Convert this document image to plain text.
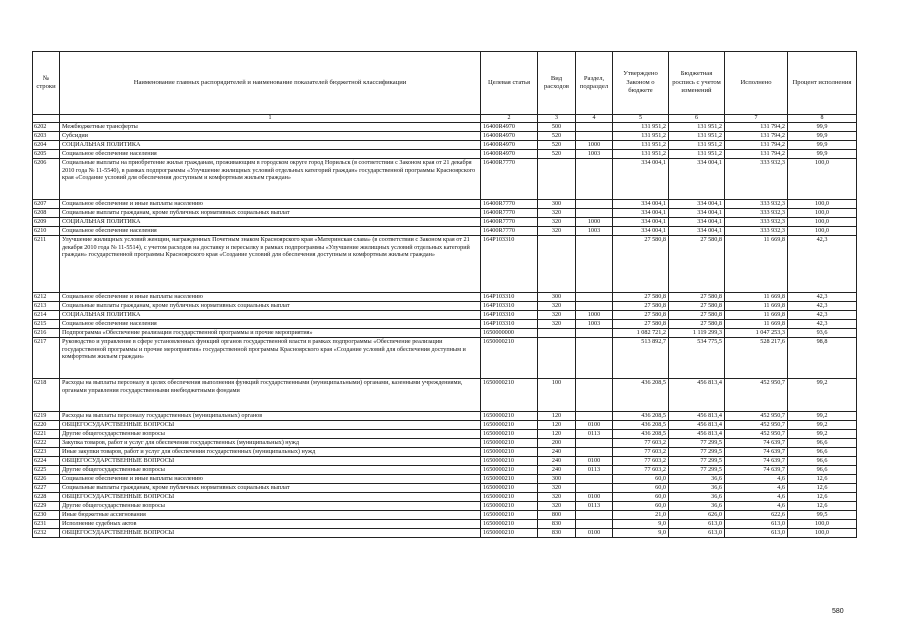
№ строки	Наименование главных распорядителей и наименование показателей бюджетной классификации	Целевая статья	Вид расходов	Раздел, подраздел	Утверждено Законом о бюджете	Бюджетная роспись с учетом изменений	Исполнено	Процент исполнения
	1	2	3	4	5	6	7	8
6202	Межбюджетные трансферты	16400R4970	500		131 951,2	131 951,2	131 794,2	99,9
6203	Субсидии	16400R4970	520		131 951,2	131 951,2	131 794,2	99,9
6204	СОЦИАЛЬНАЯ ПОЛИТИКА	16400R4970	520	1000	131 951,2	131 951,2	131 794,2	99,9
6205	Социальное обеспечение населения	16400R4970	520	1003	131 951,2	131 951,2	131 794,2	99,9
6206	Социальные выплаты на приобретение жилья гражданам, проживающим в городском округе город Норильск (в соответствии с Законом края от 21 декабря 2010 года № 11-5540), в рамках подпрограммы «Улучшение жилищных условий отдельных категорий граждан» государственной программы Красноярского края «Создание условий для обеспечения доступным и комфортным жильем граждан»	16400R7770			334 004,1	334 004,1	333 932,3	100,0
6207	Социальное обеспечение и иные выплаты населению	16400R7770	300		334 004,1	334 004,1	333 932,3	100,0
6208	Социальные выплаты гражданам, кроме публичных нормативных социальных выплат	16400R7770	320		334 004,1	334 004,1	333 932,3	100,0
6209	СОЦИАЛЬНАЯ ПОЛИТИКА	16400R7770	320	1000	334 004,1	334 004,1	333 932,3	100,0
6210	Социальное обеспечение населения	16400R7770	320	1003	334 004,1	334 004,1	333 932,3	100,0
6211	Улучшение жилищных условий женщин, награжденных Почетным знаком Красноярского края «Материнская слава» (в соответствии с Законом края от 21 декабря 2010 года № 11-5514), с учетом расходов на доставку и пересылку в рамках подпрограммы «Улучшение жилищных условий отдельных категорий граждан» государственной программы Красноярского края «Создание условий для обеспечения доступным и комфортным жильем граждан»	164P103310			27 580,8	27 580,8	11 669,8	42,3
6212	Социальное обеспечение и иные выплаты населению	164P103310	300		27 580,8	27 580,8	11 669,8	42,3
6213	Социальные выплаты гражданам, кроме публичных нормативных социальных выплат	164P103310	320		27 580,8	27 580,8	11 669,8	42,3
6214	СОЦИАЛЬНАЯ ПОЛИТИКА	164P103310	320	1000	27 580,8	27 580,8	11 669,8	42,3
6215	Социальное обеспечение населения	164P103310	320	1003	27 580,8	27 580,8	11 669,8	42,3
6216	Подпрограмма «Обеспечение реализации государственной программы и прочие мероприятия»	1650000000			1 082 721,2	1 119 299,3	1 047 253,3	93,6
6217	Руководство и управление в сфере установленных функций органов государственной власти в рамках подпрограммы «Обеспечение реализации государственной программы и прочие мероприятия» государственной программы Красноярского края «Создание условий для обеспечения доступным и комфортным жильем граждан»	1650000210			513 892,7	534 775,5	528 217,6	98,8
6218	Расходы на выплаты персоналу в целях обеспечения выполнения функций государственными (муниципальными) органами, казенными учреждениями, органами управления государственными внебюджетными фондами	1650000210	100		436 208,5	456 813,4	452 950,7	99,2
6219	Расходы на выплаты персоналу государственных (муниципальных) органов	1650000210	120		436 208,5	456 813,4	452 950,7	99,2
6220	ОБЩЕГОСУДАРСТВЕННЫЕ ВОПРОСЫ	1650000210	120	0100	436 208,5	456 813,4	452 950,7	99,2
6221	Другие общегосударственные вопросы	1650000210	120	0113	436 208,5	456 813,4	452 950,7	99,2
6222	Закупка товаров, работ и услуг для обеспечения государственных (муниципальных) нужд	1650000210	200		77 603,2	77 299,5	74 639,7	96,6
6223	Иные закупки товаров, работ и услуг для обеспечения государственных (муниципальных) нужд	1650000210	240		77 603,2	77 299,5	74 639,7	96,6
6224	ОБЩЕГОСУДАРСТВЕННЫЕ ВОПРОСЫ	1650000210	240	0100	77 603,2	77 299,5	74 639,7	96,6
6225	Другие общегосударственные вопросы	1650000210	240	0113	77 603,2	77 299,5	74 639,7	96,6
6226	Социальное обеспечение и иные выплаты населению	1650000210	300		60,0	36,6	4,6	12,6
6227	Социальные выплаты гражданам, кроме публичных нормативных социальных выплат	1650000210	320		60,0	36,6	4,6	12,6
6228	ОБЩЕГОСУДАРСТВЕННЫЕ ВОПРОСЫ	1650000210	320	0100	60,0	36,6	4,6	12,6
6229	Другие общегосударственные вопросы	1650000210	320	0113	60,0	36,6	4,6	12,6
6230	Иные бюджетные ассигнования	1650000210	800		21,0	626,0	622,6	99,5
6231	Исполнение судебных актов	1650000210	830		9,0	613,0	613,0	100,0
6232	ОБЩЕГОСУДАРСТВЕННЫЕ ВОПРОСЫ	1650000210	830	0100	9,0	613,0	613,0	100,0
580
